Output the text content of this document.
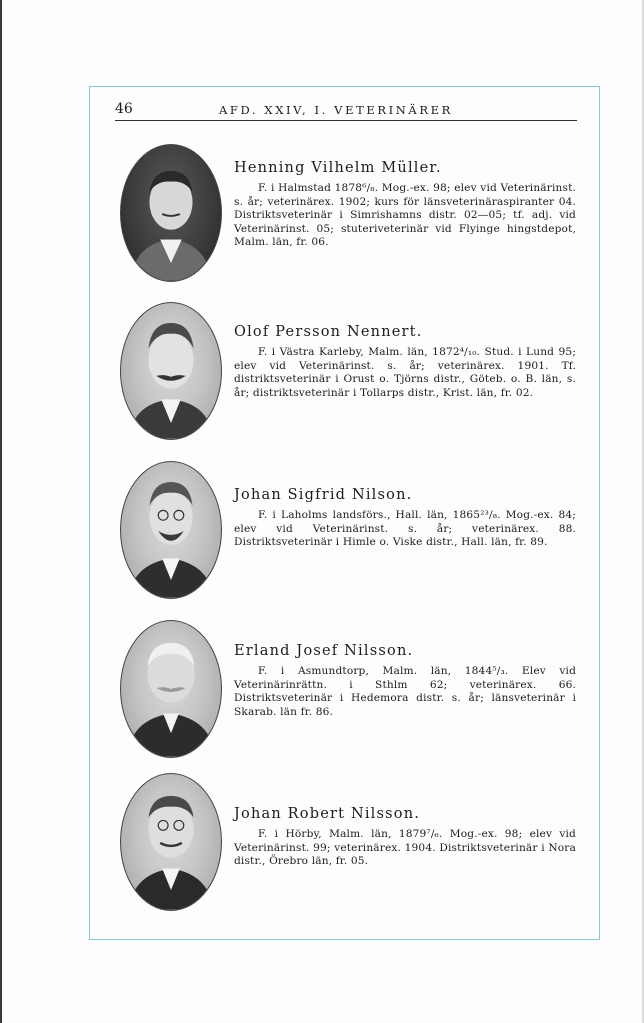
46	AFD. XXIV, I. VETERINÄRER
Henning Vilhelm Müller.
F. i Halmstad 1878⁶/₈. Mog.-ex. 98; elev vid Veterinärinst. s. år; veterinärex. 1902; kurs för länsveterinäraspiranter 04. Distriktsveterinär i Simrishamns distr. 02—05; tf. adj. vid Veterinärinst. 05; stuteriveterinär vid Flyinge hingstdepot, Malm. län, fr. 06.
Olof Persson Nennert.
F. i Västra Karleby, Malm. län, 1872⁴/₁₀. Stud. i Lund 95; elev vid Veterinärinst. s. år; veterinärex. 1901. Tf. distriktsveterinär i Orust o. Tjörns distr., Göteb. o. B. län, s. år; distriktsveterinär i Tollarps distr., Krist. län, fr. 02.
Johan Sigfrid Nilson.
F. i Laholms landsförs., Hall. län, 1865²³/₈. Mog.-ex. 84; elev vid Veterinärinst. s. år; veterinärex. 88. Distriktsveterinär i Himle o. Viske distr., Hall. län, fr. 89.
Erland Josef Nilsson.
F. i Asmundtorp, Malm. län, 1844⁵/₃. Elev vid Veterinärinrättn. i Sthlm 62; veterinärex. 66. Distriktsveterinär i Hedemora distr. s. år; länsveterinär i Skarab. län fr. 86.
Johan Robert Nilsson.
F. i Hörby, Malm. län, 1879⁷/₆. Mog.-ex. 98; elev vid Veterinärinst. 99; veterinärex. 1904. Distriktsveterinär i Nora distr., Örebro län, fr. 05.
